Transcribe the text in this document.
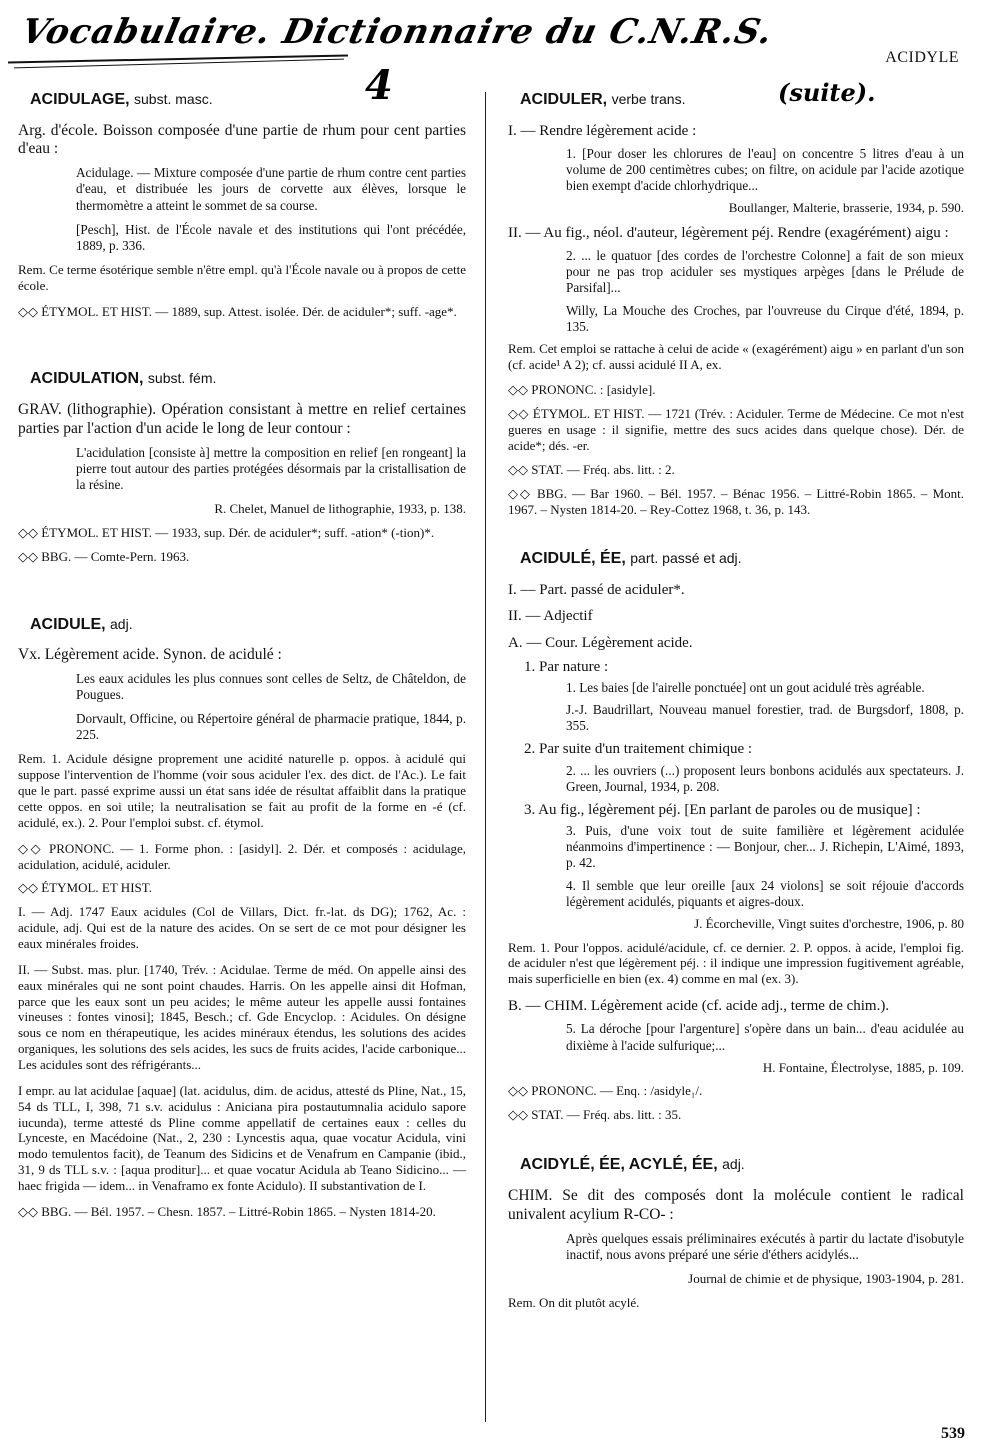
Vocabulaire. Dictionnaire du C.N.R.S.
4	(suite).
ACIDYLE
ACIDULAGE, subst. masc.

Arg. d'école. Boisson composée d'une partie de rhum pour cent parties d'eau :

Acidulage. — Mixture composée d'une partie de rhum contre cent parties d'eau, et distribuée les jours de corvette aux élèves, lorsque le thermomètre a atteint le sommet de sa course.

[Pesch], Hist. de l'École navale et des institutions qui l'ont précédée, 1889, p. 336.

Rem. Ce terme ésotérique semble n'être empl. qu'à l'École navale ou à propos de cette école.

◇◇ ÉTYMOL. ET HIST. — 1889, sup. Attest. isolée. Dér. de aciduler*; suff. -age*.

ACIDULATION, subst. fém.

GRAV. (lithographie). Opération consistant à mettre en relief certaines parties par l'action d'un acide le long de leur contour :

L'acidulation [consiste à] mettre la composition en relief [en rongeant] la pierre tout autour des parties protégées désormais par la cristallisation de la résine.

R. Chelet, Manuel de lithographie, 1933, p. 138.

◇◇ ÉTYMOL. ET HIST. — 1933, sup. Dér. de aciduler*; suff. -ation* (-tion)*.

◇◇ BBG. — Comte-Pern. 1963.

ACIDULE, adj.

Vx. Légèrement acide. Synon. de acidulé :

Les eaux acidules les plus connues sont celles de Seltz, de Châteldon, de Pougues.

Dorvault, Officine, ou Répertoire général de pharmacie pratique, 1844, p. 225.

Rem. 1. Acidule désigne proprement une acidité naturelle p. oppos. à acidulé qui suppose l'intervention de l'homme (voir sous aciduler l'ex. des dict. de l'Ac.). Le fait que le part. passé exprime aussi un état sans idée de résultat affaiblit dans la pratique cette oppos. en soi utile; la neutralisation se fait au profit de la forme en -é (cf. acidulé, ex.). 2. Pour l'emploi subst. cf. étymol.

◇◇ PRONONC. — 1. Forme phon. : [asidyl]. 2. Dér. et composés : acidulage, acidulation, acidulé, aciduler.

◇◇ ÉTYMOL. ET HIST.

I. — Adj. 1747 Eaux acidules (Col de Villars, Dict. fr.-lat. ds DG); 1762, Ac. : acidule, adj. Qui est de la nature des acides. On se sert de ce mot pour désigner les eaux minérales froides.

II. — Subst. mas. plur. [1740, Trév. : Acidulae. Terme de méd. On appelle ainsi des eaux minérales qui ne sont point chaudes. Harris. On les appelle ainsi dit Hofman, parce que les eaux sont un peu acides; le même auteur les appelle aussi fontaines vineuses : fontes vinosi]; 1845, Besch.; cf. Gde Encyclop. : Acidules. On désigne sous ce nom en thérapeutique, les acides minéraux étendus, les solutions des acides organiques, les solutions des sels acides, les sucs de fruits acides, l'acide carbonique... Les acidules sont des réfrigérants...

I empr. au lat acidulae [aquae] (lat. acidulus, dim. de acidus, attesté ds Pline, Nat., 15, 54 ds TLL, I, 398, 71 s.v. acidulus : Aniciana pira postautumnalia acidulo sapore iucunda), terme attesté ds Pline comme appellatif de certaines eaux : celles du Lynceste, en Macédoine (Nat., 2, 230 : Lyncestis aqua, quae vocatur Acidula, vini modo temulentos facit), de Teanum des Sidicins et de Venafrum en Campanie (ibid., 31, 9 ds TLL s.v. : [aqua proditur]... et quae vocatur Acidula ab Teano Sidicino... — haec frigida — idem... in Venaframo ex fonte Acidulo). II substantivation de I.

◇◇ BBG. — Bél. 1957. – Chesn. 1857. – Littré-Robin 1865. – Nysten 1814-20.

ACIDULER, verbe trans.

I. — Rendre légèrement acide :

1. [Pour doser les chlorures de l'eau] on concentre 5 litres d'eau à un volume de 200 centimètres cubes; on filtre, on acidule par l'acide azotique bien exempt d'acide chlorhydrique...

Boullanger, Malterie, brasserie, 1934, p. 590.

II. — Au fig., néol. d'auteur, légèrement péj. Rendre (exagérément) aigu :

2. ... le quatuor [des cordes de l'orchestre Colonne] a fait de son mieux pour ne pas trop aciduler ses mystiques arpèges [dans le Prélude de Parsifal]...

Willy, La Mouche des Croches, par l'ouvreuse du Cirque d'été, 1894, p. 135.

Rem. Cet emploi se rattache à celui de acide « (exagérément) aigu » en parlant d'un son (cf. acide¹ A 2); cf. aussi acidulé II A, ex.

◇◇ PRONONC. : [asidyle].

◇◇ ÉTYMOL. ET HIST. — 1721 (Trév. : Aciduler. Terme de Médecine. Ce mot n'est gueres en usage : il signifie, mettre des sucs acides dans quelque chose). Dér. de acide*; dés. -er.

◇◇ STAT. — Fréq. abs. litt. : 2.

◇◇ BBG. — Bar 1960. – Bél. 1957. – Bénac 1956. – Littré-Robin 1865. – Mont. 1967. – Nysten 1814-20. – Rey-Cottez 1968, t. 36, p. 143.

ACIDULÉ, ÉE, part. passé et adj.

I. — Part. passé de aciduler*.

II. — Adjectif

A. — Cour. Légèrement acide.

1. Par nature :

1. Les baies [de l'airelle ponctuée] ont un gout acidulé très agréable.

J.-J. Baudrillart, Nouveau manuel forestier, trad. de Burgsdorf, 1808, p. 355.

2. Par suite d'un traitement chimique :

2. ... les ouvriers (...) proposent leurs bonbons acidulés aux spectateurs. J. Green, Journal, 1934, p. 208.

3. Au fig., légèrement péj. [En parlant de paroles ou de musique] :

3. Puis, d'une voix tout de suite familière et légèrement acidulée néanmoins d'impertinence : — Bonjour, cher... J. Richepin, L'Aimé, 1893, p. 42.

4. Il semble que leur oreille [aux 24 violons] se soit réjouie d'accords légèrement acidulés, piquants et aigres-doux.

J. Écorcheville, Vingt suites d'orchestre, 1906, p. 80

Rem. 1. Pour l'oppos. acidulé/acidule, cf. ce dernier. 2. P. oppos. à acide, l'emploi fig. de aciduler n'est que légèrement péj. : il indique une impression fugitivement agréable, mais superficielle en bien (ex. 4) comme en mal (ex. 3).

B. — CHIM. Légèrement acide (cf. acide adj., terme de chim.).

5. La déroche [pour l'argenture] s'opère dans un bain... d'eau acidulée au dixième à l'acide sulfurique;...

H. Fontaine, Électrolyse, 1885, p. 109.

◇◇ PRONONC. — Enq. : /asidyle₁/.

◇◇ STAT. — Fréq. abs. litt. : 35.

ACIDYLÉ, ÉE, ACYLÉ, ÉE, adj.

CHIM. Se dit des composés dont la molécule contient le radical univalent acylium R-CO- :

Après quelques essais préliminaires exécutés à partir du lactate d'isobutyle inactif, nous avons préparé une série d'éthers acidylés...

Journal de chimie et de physique, 1903-1904, p. 281.

Rem. On dit plutôt acylé.

539
